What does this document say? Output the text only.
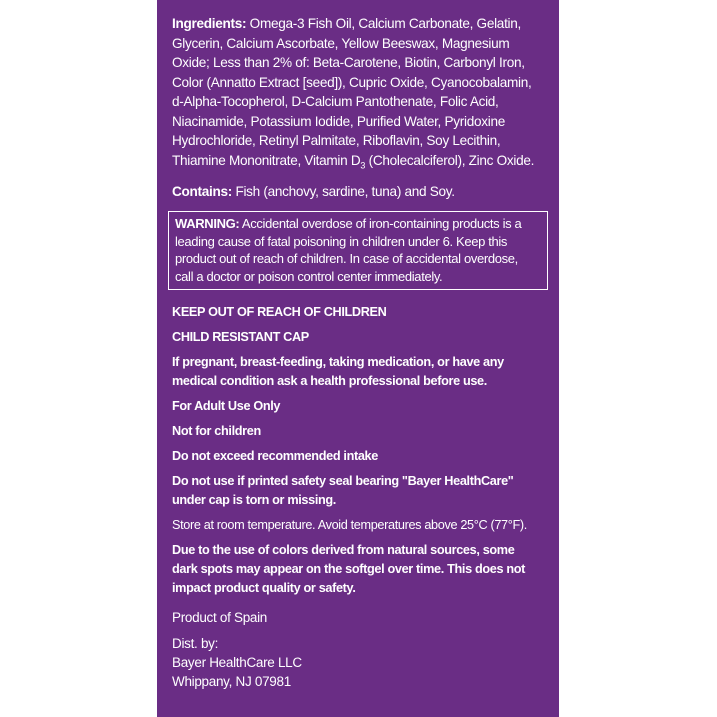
Ingredients: Omega-3 Fish Oil, Calcium Carbonate, Gelatin, Glycerin, Calcium Ascorbate, Yellow Beeswax, Magnesium Oxide; Less than 2% of: Beta-Carotene, Biotin, Carbonyl Iron, Color (Annatto Extract [seed]), Cupric Oxide, Cyanocobalamin, d-Alpha-Tocopherol, D-Calcium Pantothenate, Folic Acid, Niacinamide, Potassium Iodide, Purified Water, Pyridoxine Hydrochloride, Retinyl Palmitate, Riboflavin, Soy Lecithin, Thiamine Mononitrate, Vitamin $D_3$ (Cholecalciferol), Zinc Oxide.

Contains: Fish (anchovy, sardine, tuna) and Soy.

WARNING: Accidental overdose of iron-containing products is a leading cause of fatal poisoning in children under 6. Keep this product out of reach of children. In case of accidental overdose, call a doctor or poison control center immediately.

KEEP OUT OF REACH OF CHILDREN

CHILD RESISTANT CAP

If pregnant, breast-feeding, taking medication, or have any medical condition ask a health professional before use.

For Adult Use Only

Not for children

Do not exceed recommended intake

Do not use if printed safety seal bearing "Bayer HealthCare" under cap is torn or missing.

Store at room temperature. Avoid temperatures above 25°C (77°F).

Due to the use of colors derived from natural sources, some dark spots may appear on the softgel over time. This does not impact product quality or safety.

Product of Spain

Dist. by:

Bayer HealthCare LLC

Whippany, NJ 07981
